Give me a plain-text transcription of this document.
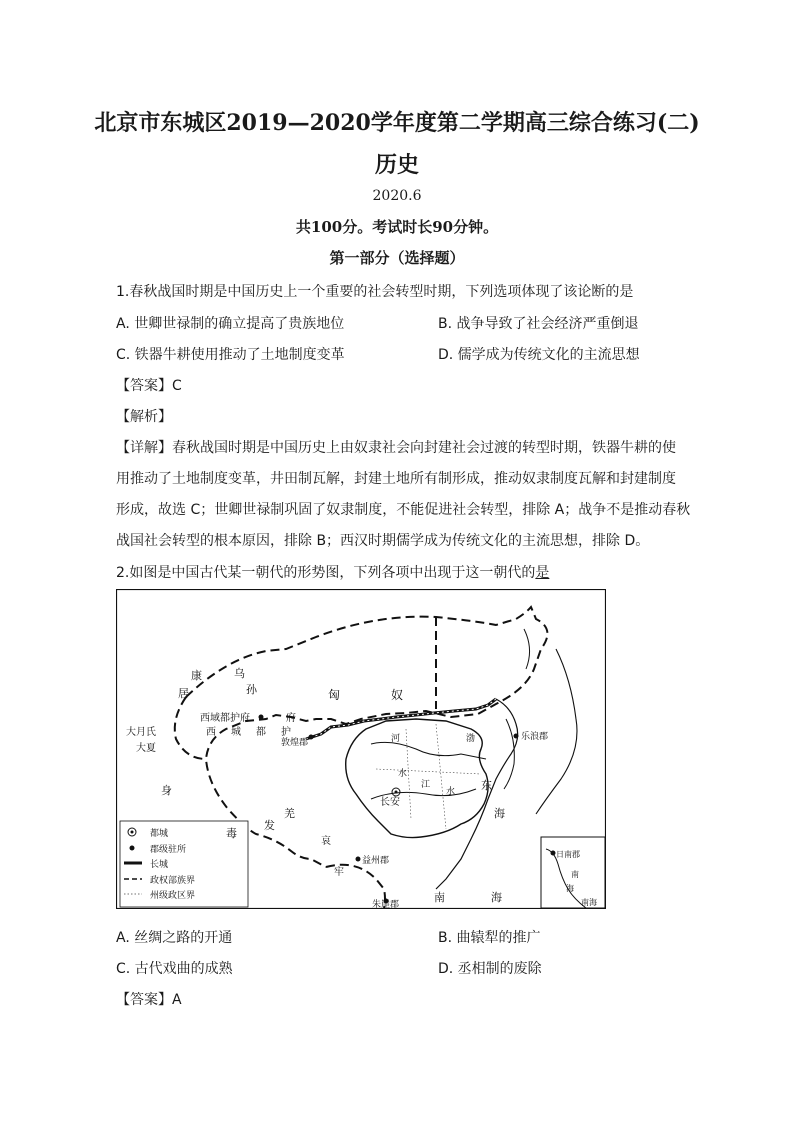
北京市东城区2019—2020学年度第二学期高三综合练习(二)
历史
2020.6
共100分。考试时长90分钟。
第一部分（选择题）
1.春秋战国时期是中国历史上一个重要的社会转型时期，下列选项体现了该论断的是
A. 世卿世禄制的确立提高了贵族地位	B. 战争导致了社会经济严重倒退
C. 铁器牛耕使用推动了土地制度变革	D. 儒学成为传统文化的主流思想
【答案】C
【解析】
【详解】春秋战国时期是中国历史上由奴隶社会向封建社会过渡的转型时期，铁器牛耕的使
用推动了土地制度变革，井田制瓦解，封建土地所有制形成，推动奴隶制度瓦解和封建制度
形成，故选 C；世卿世禄制巩固了奴隶制度，不能促进社会转型，排除 A；战争不是推动春秋
战国社会转型的根本原因，排除 B；西汉时期儒学成为传统文化的主流思想，排除 D。
2.如图是中国古代某一朝代的形势图，下列各项中出现于这一朝代的是
都城
郡级驻所
长城
政权部族界
州级政区界
康
居
乌
孙	匈	奴
西域都护府
西 城 都 护
府
大月氏
大夏	敦煌郡
乐浪郡
身
毒
发
羌
哀
牢
益州郡
朱崖郡
长安
河
水
江
水
渤
东
海
南	海
日南郡
南
海
南海
A. 丝绸之路的开通	B. 曲辕犁的推广
C. 古代戏曲的成熟	D. 丞相制的废除
【答案】A
